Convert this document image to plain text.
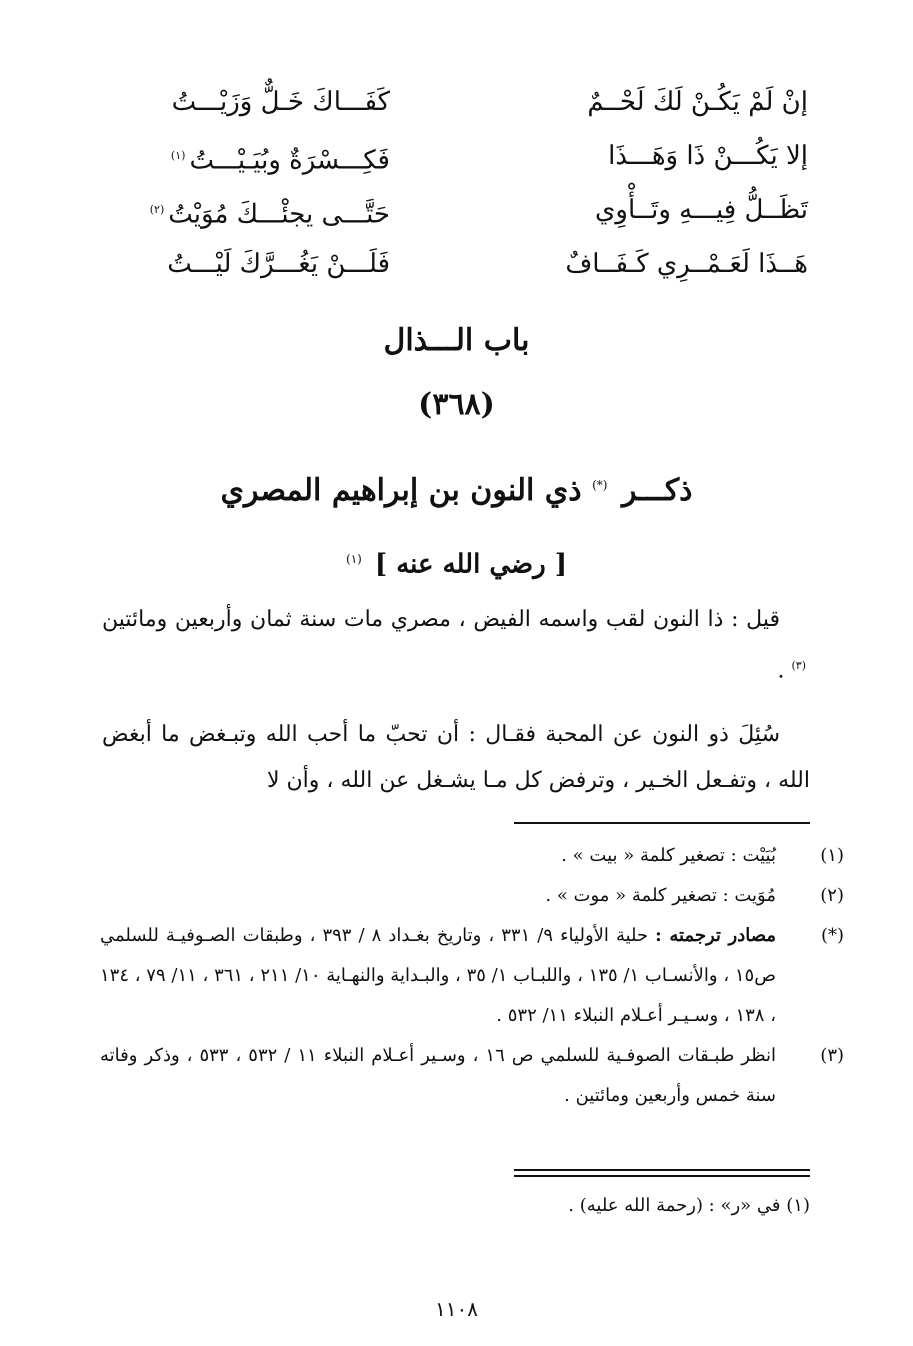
إنْ لَمْ يَكُـنْ لَكَ لَحْــمٌ
كَفَـــاكَ خَـلٌّ وَزَيْـــتُ
إلا يَكُـــنْ ذَا وَهَـــذَا
فَكِـــسْرَةٌ وبُيَـيْـــتُ$^{(١)}$
تَظَــلُّ فِيـــهِ وتَــأْوِي
حَتَّـــى يجئْـــكَ مُوَيْتُ$^{(٢)}$
هَــذَا لَعَـمْــرِي كَـفَــافٌ
فَلَـــنْ يَغُـــرَّكَ لَيْـــتُ
باب الـــذال
(٣٦٨)
ذكـــر (*) ذي النون بن إبراهيم المصري
[ رضي الله عنه ] $^{(١)}$
قيل : ذا النون لقب واسمه الفيض ، مصري مات سنة ثمان وأربعين ومائتين $^{(٣)}$ .
سُئِلَ ذو النون عن المحبة فقـال : أن تحبّ ما أحب الله وتبـغض ما أبغض الله ، وتفـعل الخـير ، وترفض كل مـا يشـغل عن الله ، وأن لا
(١)بُيَيْت : تصغير كلمة « بيت » .
(٢)مُوَيت : تصغير كلمة « موت » .
(*)مصادر ترجمته : حلية الأولياء ٩/ ٣٣١ ، وتاريخ بغـداد ٨ / ٣٩٣ ، وطبقات الصـوفيـة للسلمي ص١٥ ، والأنسـاب ١/ ١٣٥ ، واللبـاب ١/ ٣٥ ، والبـداية والنهـاية ١٠/ ٢١١ ، ٣٦١ ، ١١/ ٧٩ ، ١٣٤ ، ١٣٨ ، وسـيـر أعـلام النبلاء ١١/ ٥٣٢ .
(٣)انظر طبـقات الصوفـية للسلمي ص ١٦ ، وسـير أعـلام النبلاء ١١ / ٥٣٢ ، ٥٣٣ ، وذكر وفاته سنة خمس وأربعين ومائتين .
(١) في «ر» : (رحمة الله عليه) .
١١٠٨
